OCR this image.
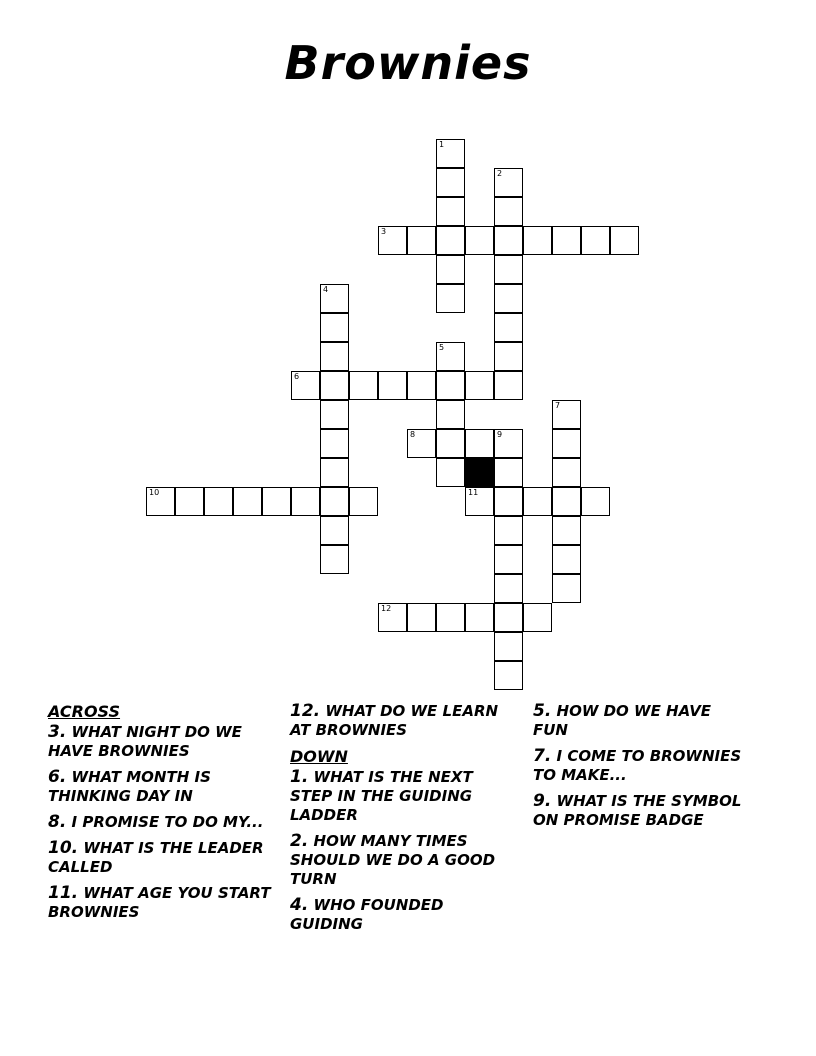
Brownies
1
2
3
4
5
6
7
8	9
10	11
12
ACROSS
3. WHAT NIGHT DO WE HAVE BROWNIES
6. WHAT MONTH IS THINKING DAY IN
8. I PROMISE TO DO MY...
10. WHAT IS THE LEADER CALLED
11. WHAT AGE YOU START BROWNIES
12. WHAT DO WE LEARN AT BROWNIES
DOWN
1. WHAT IS THE NEXT STEP IN THE GUIDING LADDER
2. HOW MANY TIMES SHOULD WE DO A GOOD TURN
4. WHO FOUNDED GUIDING
5. HOW DO WE HAVE FUN
7. I COME TO BROWNIES TO MAKE...
9. WHAT IS THE SYMBOL ON PROMISE BADGE
